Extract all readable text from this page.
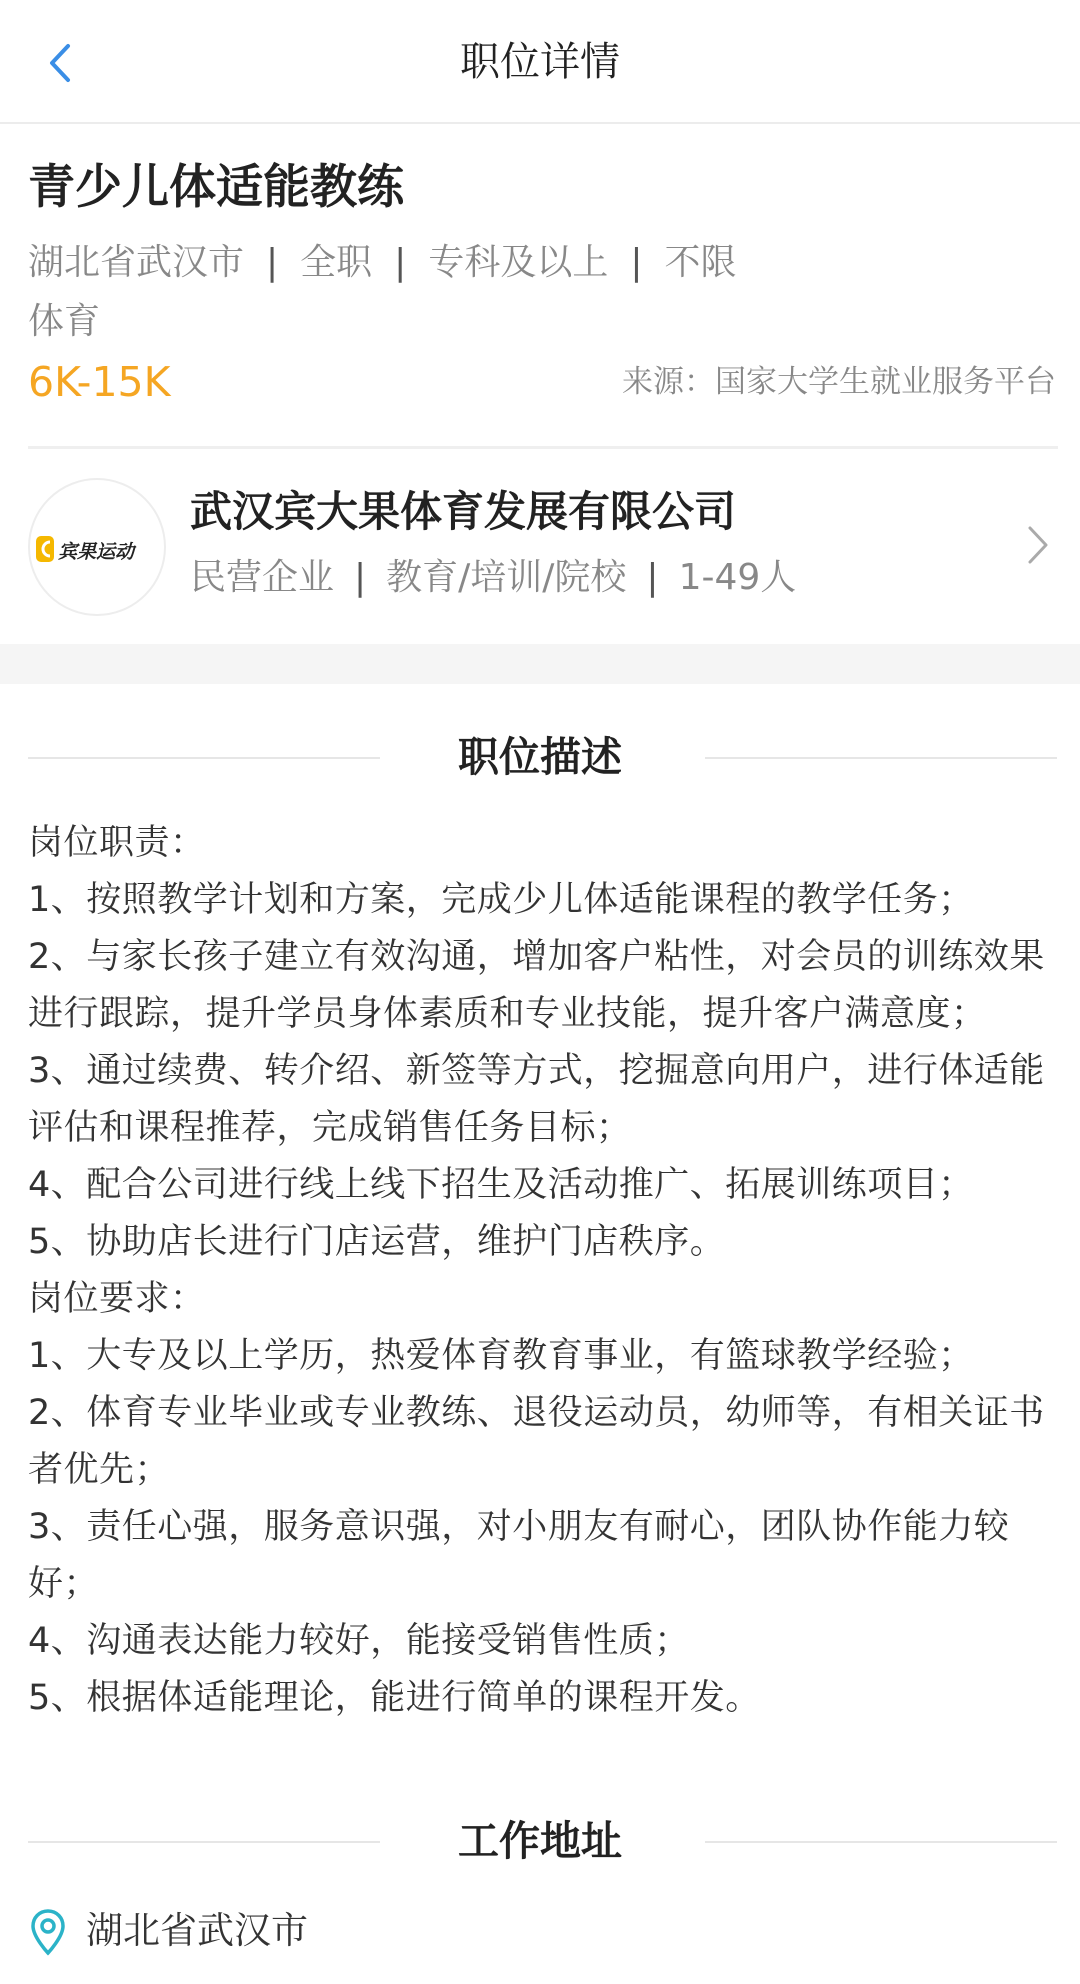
职位详情
青少儿体适能教练
湖北省武汉市 | 全职 | 专科及以上 | 不限
体育
6K-15K	来源：国家大学生就业服务平台
宾果运动
武汉宾大果体育发展有限公司
民营企业 | 教育/培训/院校 | 1-49人
职位描述

岗位职责：

1、按照教学计划和方案，完成少儿体适能课程的教学任务；

2、与家长孩子建立有效沟通，增加客户粘性，对会员的训练效果进行跟踪，提升学员身体素质和专业技能，提升客户满意度；

3、通过续费、转介绍、新签等方式，挖掘意向用户，进行体适能评估和课程推荐，完成销售任务目标；

4、配合公司进行线上线下招生及活动推广、拓展训练项目；

5、协助店长进行门店运营，维护门店秩序。

岗位要求：

1、大专及以上学历，热爱体育教育事业，有篮球教学经验；

2、体育专业毕业或专业教练、退役运动员，幼师等，有相关证书者优先；

3、责任心强，服务意识强，对小朋友有耐心，团队协作能力较好；

4、沟通表达能力较好，能接受销售性质；

5、根据体适能理论，能进行简单的课程开发。

工作地址
湖北省武汉市
